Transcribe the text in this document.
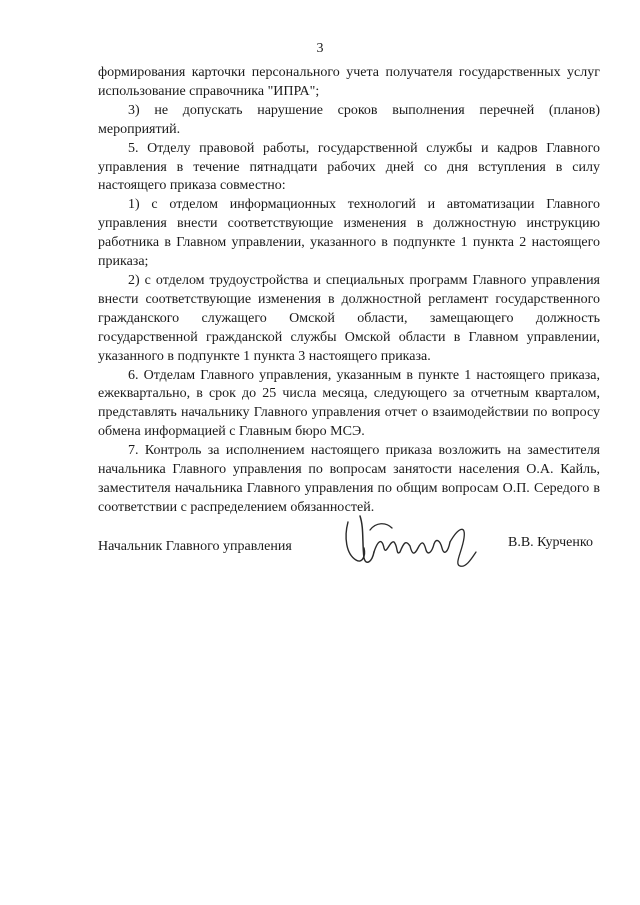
3

формирования карточки персонального учета получателя государственных услуг использование справочника "ИПРА";

3) не допускать нарушение сроков выполнения перечней (планов) мероприятий.

5. Отделу правовой работы, государственной службы и кадров Главного управления в течение пятнадцати рабочих дней со дня вступления в силу настоящего приказа совместно:

1) с отделом информационных технологий и автоматизации Главного управления внести соответствующие изменения в должностную инструкцию работника в Главном управлении, указанного в подпункте 1 пункта 2 настоящего приказа;

2) с отделом трудоустройства и специальных программ Главного управления внести соответствующие изменения в должностной регламент государственного гражданского служащего Омской области, замещающего должность государственной гражданской службы Омской области в Главном управлении, указанного в подпункте 1 пункта 3 настоящего приказа.

6. Отделам Главного управления, указанным в пункте 1 настоящего приказа, ежеквартально, в срок до 25 числа месяца, следующего за отчетным кварталом, представлять начальнику Главного управления отчет о взаимодействии по вопросу обмена информацией с Главным бюро МСЭ.

7. Контроль за исполнением настоящего приказа возложить на заместителя начальника Главного управления по вопросам занятости населения О.А. Кайль, заместителя начальника Главного управления по общим вопросам О.П. Середого в соответствии с распределением обязанностей.

Начальник Главного управления	В.В. Курченко
